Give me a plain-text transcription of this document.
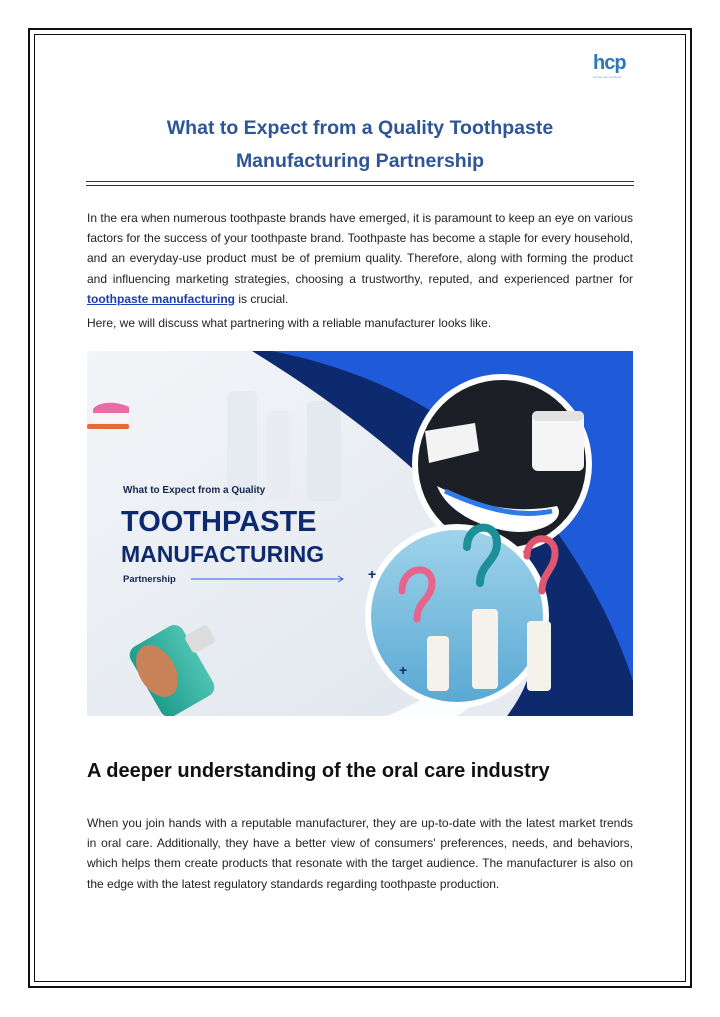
hcp
human care products
What to Expect from a Quality Toothpaste
Manufacturing Partnership

In the era when numerous toothpaste brands have emerged, it is paramount to keep an eye on various factors for the success of your toothpaste brand. Toothpaste has become a staple for every household, and an everyday-use product must be of premium quality. Therefore, along with forming the product and influencing marketing strategies, choosing a trustworthy, reputed, and experienced partner for toothpaste manufacturing is crucial.

Here, we will discuss what partnering with a reliable manufacturer looks like.

What to Expect from a Quality
TOOTHPASTE
MANUFACTURING
Partnership	+
+
A deeper understanding of the oral care industry

When you join hands with a reputable manufacturer, they are up-to-date with the latest market trends in oral care. Additionally, they have a better view of consumers' preferences, needs, and behaviors, which helps them create products that resonate with the target audience. The manufacturer is also on the edge with the latest regulatory standards regarding toothpaste production.
